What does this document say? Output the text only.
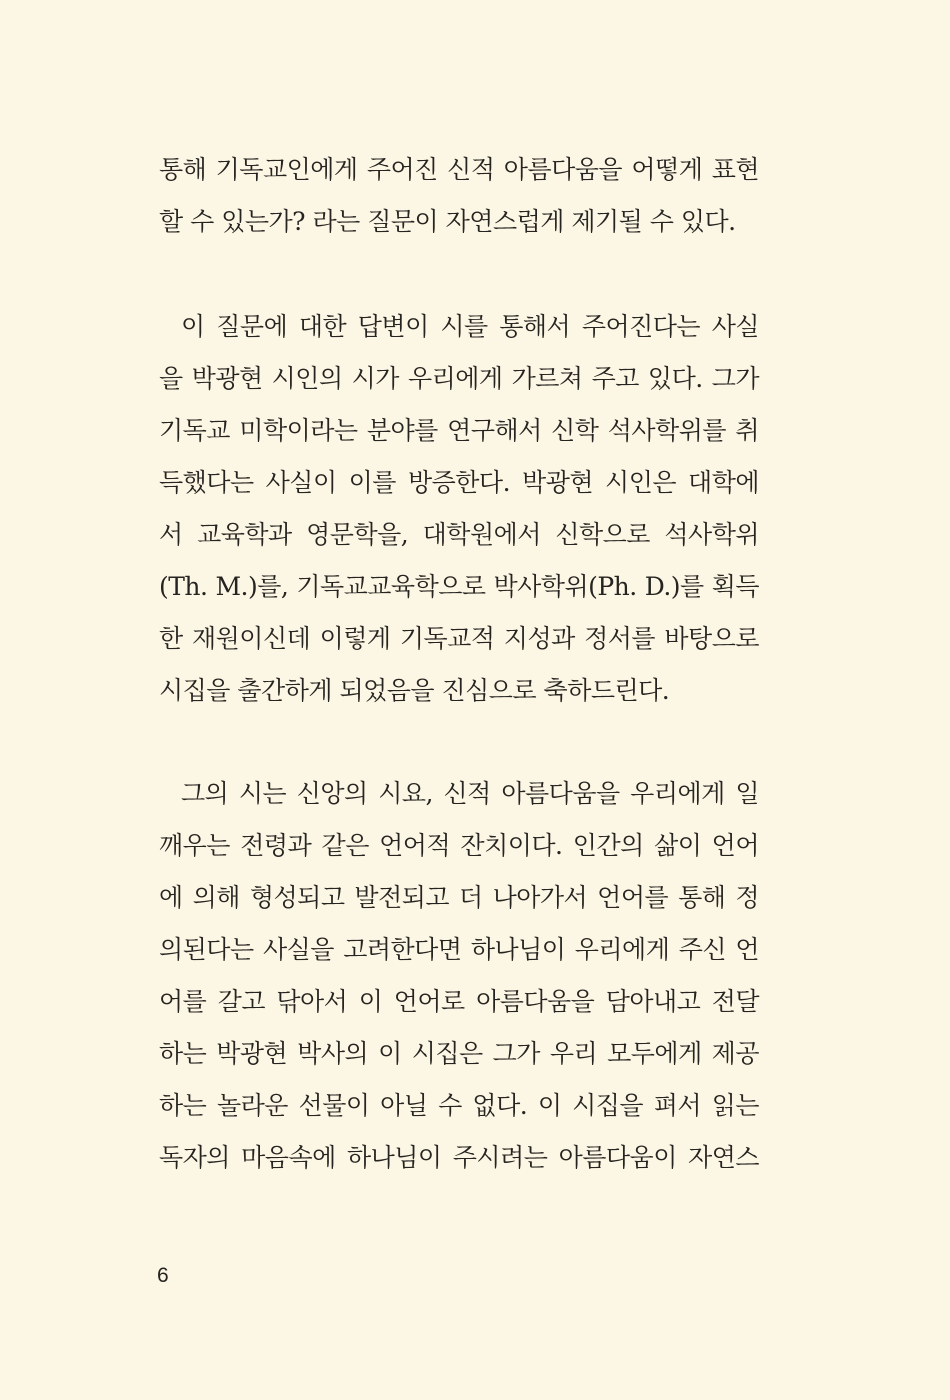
통해 기독교인에게 주어진 신적 아름다움을 어떻게 표현
할 수 있는가? 라는 질문이 자연스럽게 제기될 수 있다.
이 질문에 대한 답변이 시를 통해서 주어진다는 사실
을 박광현 시인의 시가 우리에게 가르쳐 주고 있다. 그가
기독교 미학이라는 분야를 연구해서 신학 석사학위를 취
득했다는 사실이 이를 방증한다. 박광현 시인은 대학에
서 교육학과 영문학을, 대학원에서 신학으로 석사학위
(Th. M.)를, 기독교교육학으로 박사학위(Ph. D.)를 획득
한 재원이신데 이렇게 기독교적 지성과 정서를 바탕으로
시집을 출간하게 되었음을 진심으로 축하드린다.
그의 시는 신앙의 시요, 신적 아름다움을 우리에게 일
깨우는 전령과 같은 언어적 잔치이다. 인간의 삶이 언어
에 의해 형성되고 발전되고 더 나아가서 언어를 통해 정
의된다는 사실을 고려한다면 하나님이 우리에게 주신 언
어를 갈고 닦아서 이 언어로 아름다움을 담아내고 전달
하는 박광현 박사의 이 시집은 그가 우리 모두에게 제공
하는 놀라운 선물이 아닐 수 없다. 이 시집을 펴서 읽는
독자의 마음속에 하나님이 주시려는 아름다움이 자연스
6
